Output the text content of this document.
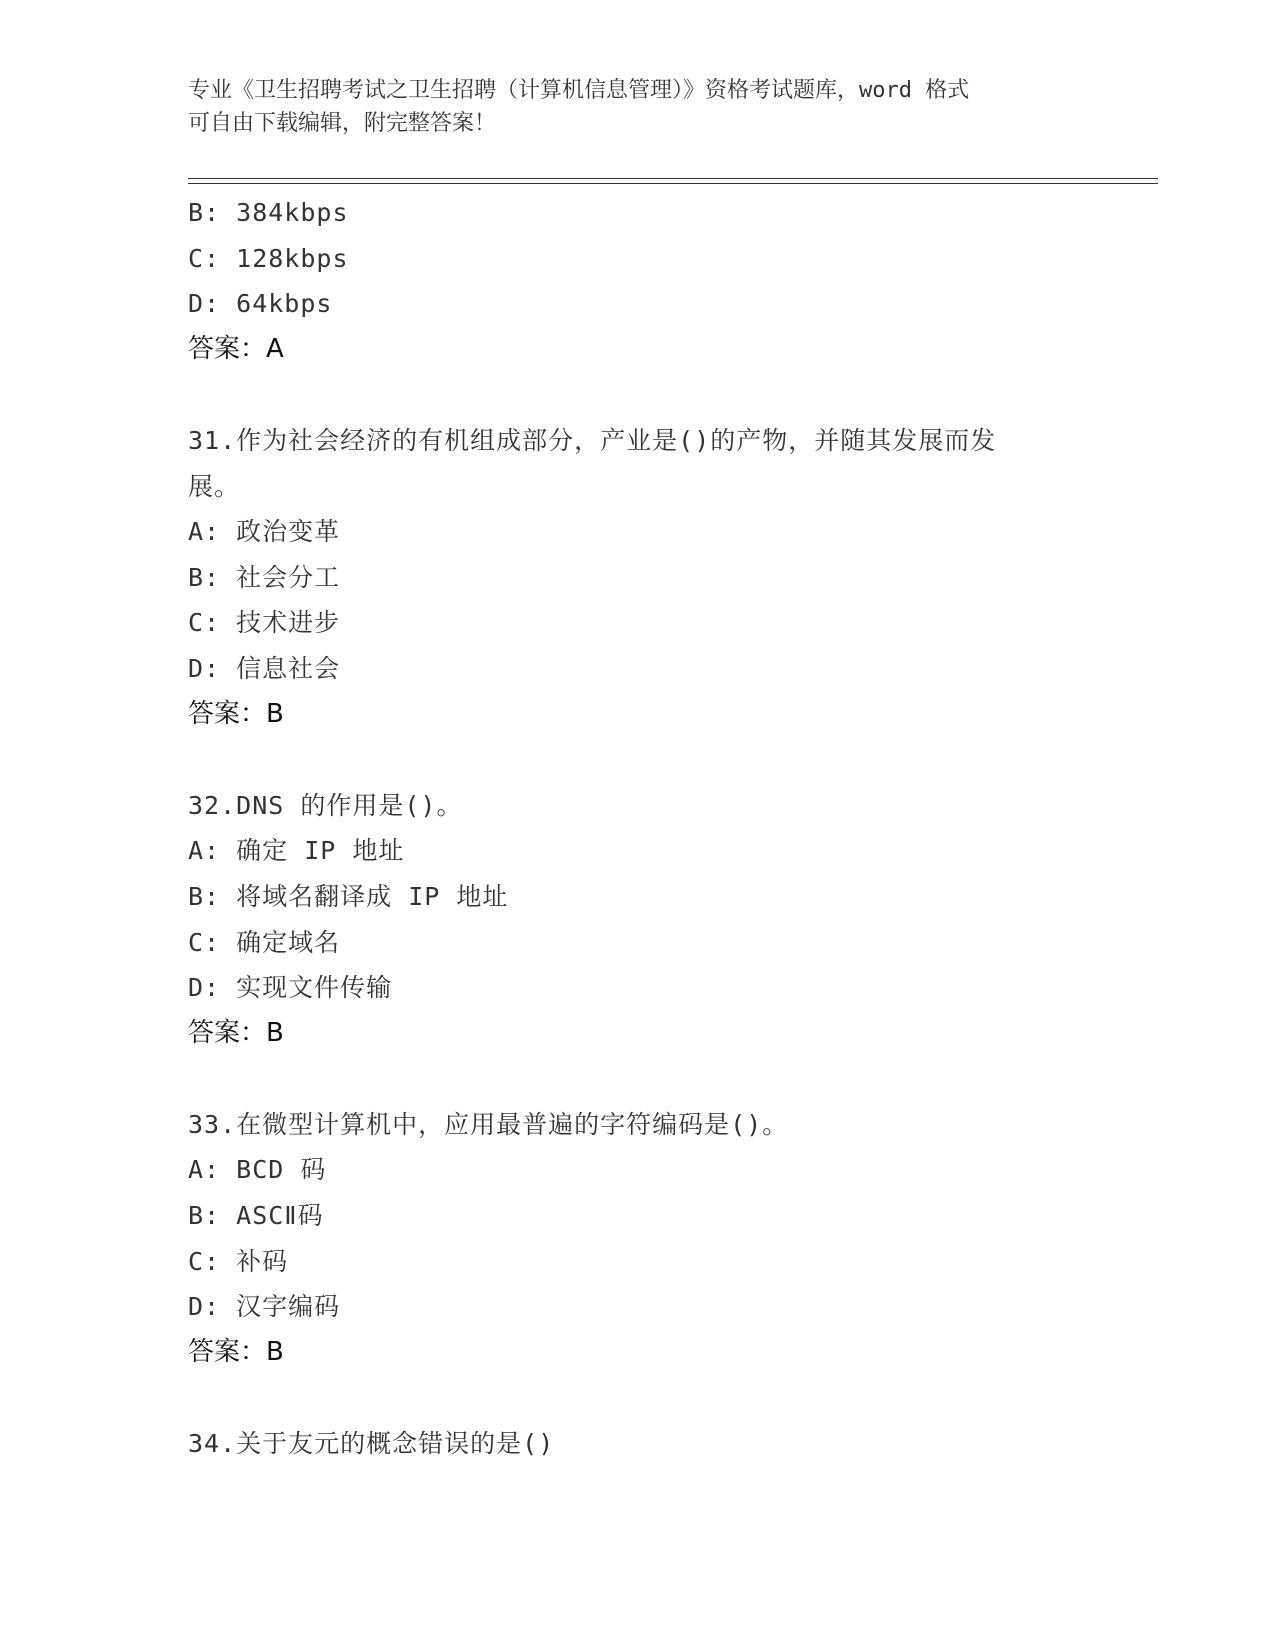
专业《卫生招聘考试之卫生招聘（计算机信息管理）》资格考试题库，word 格式
可自由下载编辑，附完整答案！
B: 384kbps
C: 128kbps
D: 64kbps
答案：A
31.作为社会经济的有机组成部分，产业是()的产物，并随其发展而发
展。
A: 政治变革
B: 社会分工
C: 技术进步
D: 信息社会
答案：B
32.DNS 的作用是()。
A: 确定 IP 地址
B: 将域名翻译成 IP 地址
C: 确定域名
D: 实现文件传输
答案：B
33.在微型计算机中，应用最普遍的字符编码是()。
A: BCD 码
B: ASCⅡ码
C: 补码
D: 汉字编码
答案：B
34.关于友元的概念错误的是()
